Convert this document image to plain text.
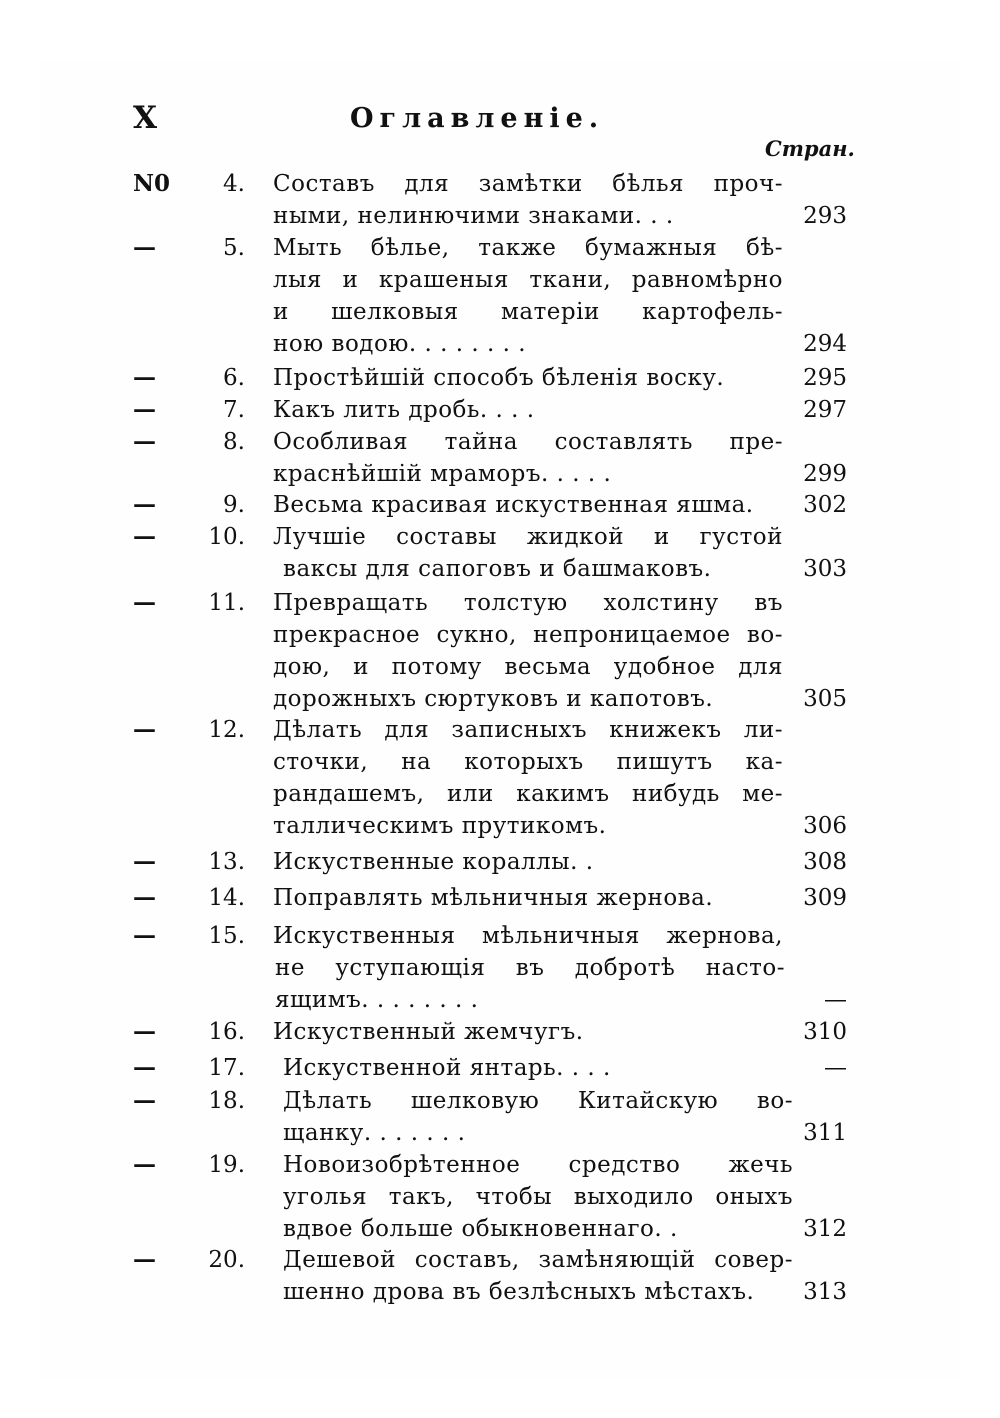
X	Оглавленiе.
Стран.
N0	4. Составъ для замѣтки бѣлья проч-
ными, нелинючими знаками. . .	293
—	5. Мыть бѣлье, также бумажныя бѣ-
лыя и крашеныя ткани, равномѣрно
и шелковыя матерiи картофель-
ною водою. . . . . . . .	294
—	6. Простѣйшiй способъ бѣленiя воску.	295
—	7. Какъ лить дробь. . . .	297
—	8. Особливая тайна составлять пре-
краснѣйшiй мраморъ. . . . .	299
—	9. Весьма красивая искуственная яшма.	302
—	10. Лучшiе составы жидкой и густой
ваксы для сапоговъ и башмаковъ.	303
—	11. Превращать толстую холстину въ
прекрасное сукно, непроницаемое во-
дою, и потому весьма удобное для
дорожныхъ сюртуковъ и капотовъ.	305
—	12. Дѣлать для записныхъ книжекъ ли-
сточки, на которыхъ пишутъ ка-
рандашемъ, или какимъ нибудь ме-
таллическимъ прутикомъ.	306
—	13. Искуственные кораллы. .	308
—	14. Поправлять мѣльничныя жернова.	309
—	15. Искуственныя мѣльничныя жернова,
не уступающiя въ добротѣ насто-
ящимъ. . . . . . . .	—
—	16. Искуственный жемчугъ.	310
—	17. Искуственной янтарь. . . .	—
—	18. Дѣлать шелковую Китайскую во-
щанку. . . . . . .	311
—	19. Новоизобрѣтенное средство жечь
уголья такъ, чтобы выходило оныхъ
вдвое больше обыкновеннаго. .	312
—	20. Дешевой составъ, замѣняющiй совер-
шенно дрова въ безлѣсныхъ мѣстахъ.	313
